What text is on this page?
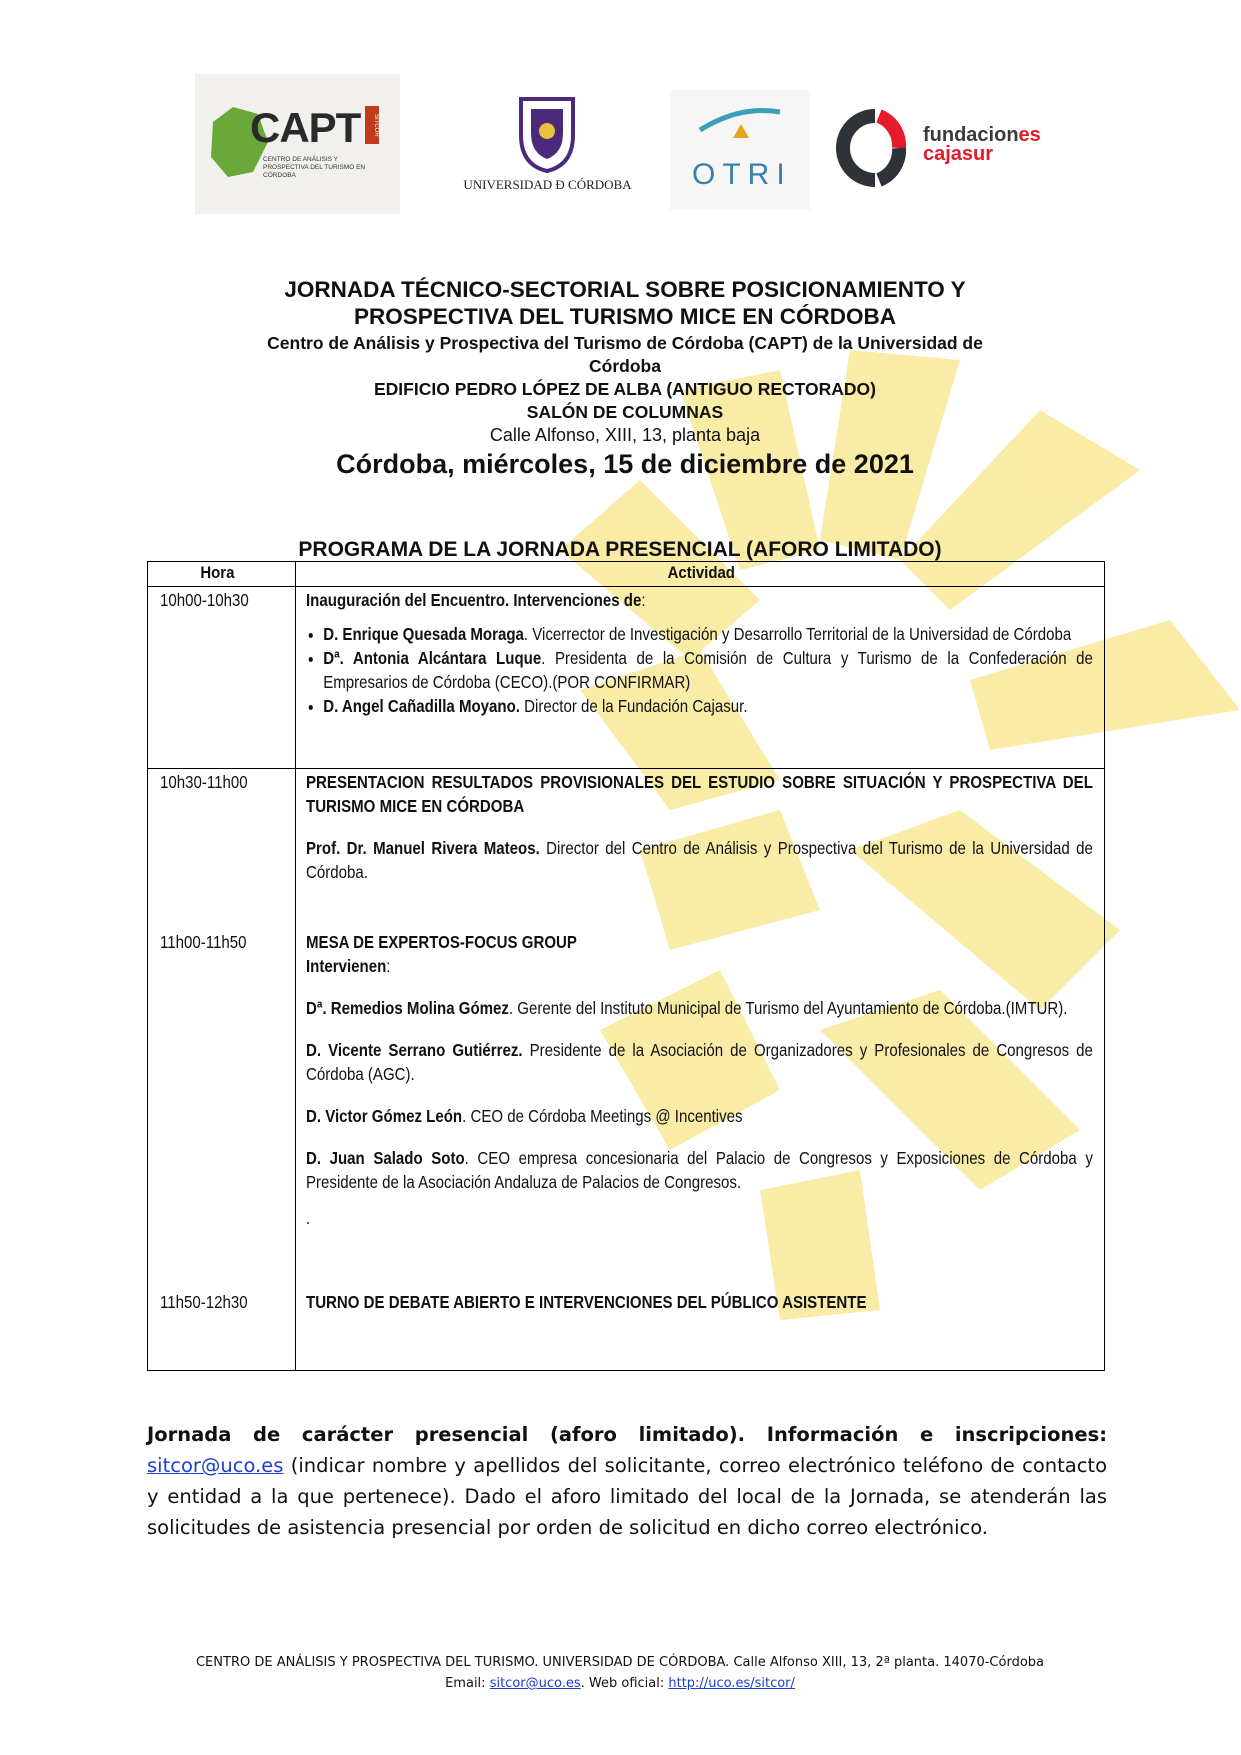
CAPT	SITCOR
CENTRO DE ANÁLISIS Y PROSPECTIVA DEL TURISMO EN CÓRDOBA
UNIVERSIDAD Ð CÓRDOBA OTRI
fundaciones
cajasur
JORNADA TÉCNICO-SECTORIAL SOBRE POSICIONAMIENTO Y
PROSPECTIVA DEL TURISMO MICE EN CÓRDOBA
Centro de Análisis y Prospectiva del Turismo de Córdoba (CAPT) de la Universidad de
Córdoba
EDIFICIO PEDRO LÓPEZ DE ALBA (ANTIGUO RECTORADO)
SALÓN DE COLUMNAS
Calle Alfonso, XIII, 13, planta baja
Córdoba, miércoles, 15 de diciembre de 2021
PROGRAMA DE LA JORNADA PRESENCIAL (AFORO LIMITADO)
Hora	Actividad
10h00-10h30	Inauguración del Encuentro. Intervenciones de:
• D. Enrique Quesada Moraga. Vicerrector de Investigación y Desarrollo Territorial de la Universidad de Córdoba
• Dª. Antonia Alcántara Luque. Presidenta de la Comisión de Cultura y Turismo de la Confederación de Empresarios de Córdoba (CECO).(POR CONFIRMAR)
• D. Angel Cañadilla Moyano. Director de la Fundación Cajasur.
10h30-11h00	PRESENTACION RESULTADOS PROVISIONALES DEL ESTUDIO SOBRE SITUACIÓN Y PROSPECTIVA DEL TURISMO MICE EN CÓRDOBA
Prof. Dr. Manuel Rivera Mateos. Director del Centro de Análisis y Prospectiva del Turismo de la Universidad de Córdoba.
11h00-11h50	MESA DE EXPERTOS-FOCUS GROUP
Intervienen:
Dª. Remedios Molina Gómez. Gerente del Instituto Municipal de Turismo del Ayuntamiento de Córdoba.(IMTUR).
D. Vicente Serrano Gutiérrez. Presidente de la Asociación de Organizadores y Profesionales de Congresos de Córdoba (AGC).
D. Victor Gómez León. CEO de Córdoba Meetings @ Incentives
D. Juan Salado Soto. CEO empresa concesionaria del Palacio de Congresos y Exposiciones de Córdoba y Presidente de la Asociación Andaluza de Palacios de Congresos.
.
11h50-12h30	TURNO DE DEBATE ABIERTO E INTERVENCIONES DEL PÚBLICO ASISTENTE
Jornada de carácter presencial (aforo limitado). Información e inscripciones: sitcor@uco.es (indicar nombre y apellidos del solicitante, correo electrónico teléfono de contacto y entidad a la que pertenece). Dado el aforo limitado del local de la Jornada, se atenderán las solicitudes de asistencia presencial por orden de solicitud en dicho correo electrónico.
CENTRO DE ANÁLISIS Y PROSPECTIVA DEL TURISMO. UNIVERSIDAD DE CÓRDOBA. Calle Alfonso XIII, 13, 2ª planta. 14070-Córdoba
Email: sitcor@uco.es. Web oficial: http://uco.es/sitcor/
